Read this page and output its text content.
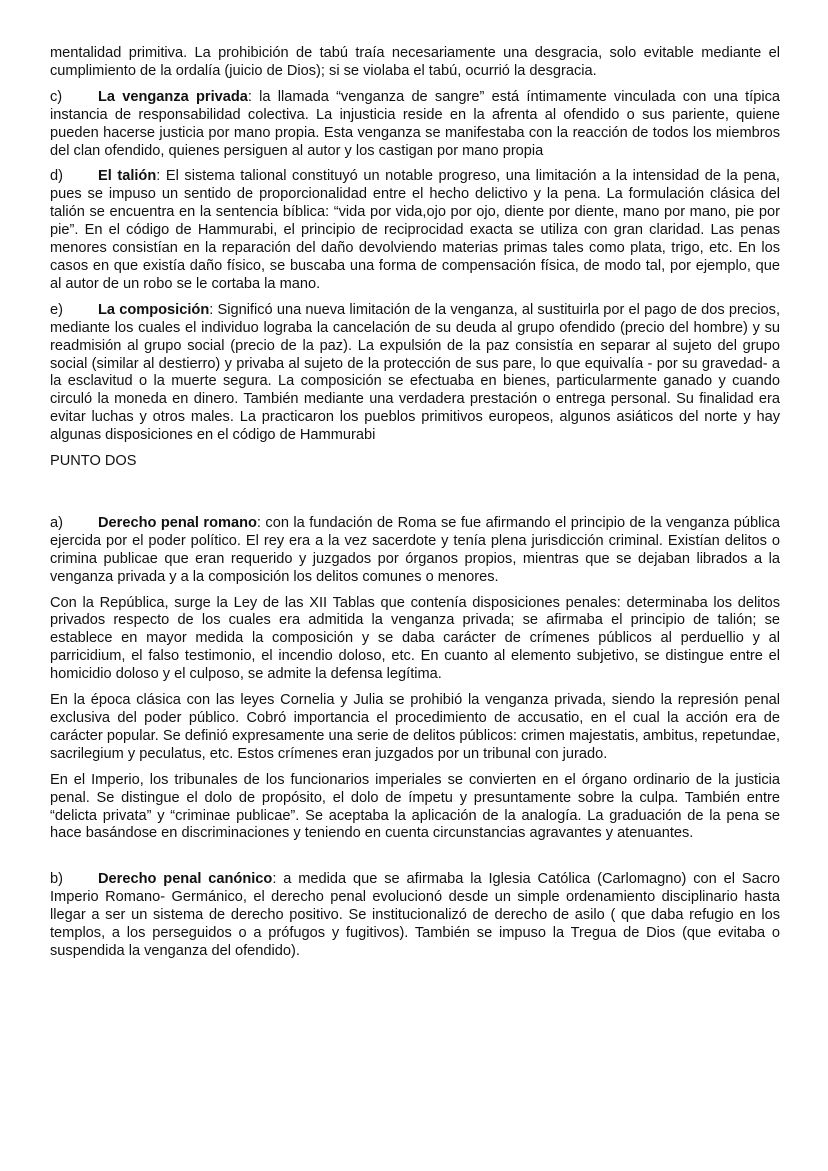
mentalidad primitiva. La prohibición de tabú traía necesariamente una desgracia, solo evitable mediante el cumplimiento de la ordalía (juicio de Dios); si se violaba el tabú, ocurrió la desgracia.

c) La venganza privada: la llamada “venganza de sangre” está íntimamente vinculada con una típica instancia de responsabilidad colectiva. La injusticia reside en la afrenta al ofendido o sus pariente, quiene pueden hacerse justicia por mano propia. Esta venganza se manifestaba con la reacción de todos los miembros del clan ofendido, quienes persiguen al autor y los castigan por mano propia

d) El talión: El sistema talional constituyó un notable progreso, una limitación a la intensidad de la pena, pues se impuso un sentido de proporcionalidad entre el hecho delictivo y la pena. La formulación clásica del talión se encuentra en la sentencia bíblica: “vida por vida,ojo por ojo, diente por diente, mano por mano, pie por pie”. En el código de Hammurabi, el principio de reciprocidad exacta se utiliza con gran claridad. Las penas menores consistían en la reparación del daño devolviendo materias primas tales como plata, trigo, etc. En los casos en que existía daño físico, se buscaba una forma de compensación física, de modo tal, por ejemplo, que al autor de un robo se le cortaba la mano.

e) La composición: Significó una nueva limitación de la venganza, al sustituirla por el pago de dos precios, mediante los cuales el individuo lograba la cancelación de su deuda al grupo ofendido (precio del hombre) y su readmisión al grupo social (precio de la paz). La expulsión de la paz consistía en separar al sujeto del grupo social (similar al destierro) y privaba al sujeto de la protección de sus pare, lo que equivalía - por su gravedad- a la esclavitud o la muerte segura. La composición se efectuaba en bienes, particularmente ganado y cuando circuló la moneda en dinero. También mediante una verdadera prestación o entrega personal. Su finalidad era evitar luchas y otros males. La practicaron los pueblos primitivos europeos, algunos asiáticos del norte y hay algunas disposiciones en el código de Hammurabi

PUNTO DOS

a) Derecho penal romano: con la fundación de Roma se fue afirmando el principio de la venganza pública ejercida por el poder político. El rey era a la vez sacerdote y tenía plena jurisdicción criminal. Existían delitos o crimina publicae que eran requerido y juzgados por órganos propios, mientras que se dejaban librados a la venganza privada y a la composición los delitos comunes o menores.

Con la República, surge la Ley de las XII Tablas que contenía disposiciones penales: determinaba los delitos privados respecto de los cuales era admitida la venganza privada; se afirmaba el principio de talión; se establece en mayor medida la composición y se daba carácter de crímenes públicos al perduellio y al parricidium, el falso testimonio, el incendio doloso, etc. En cuanto al elemento subjetivo, se distingue entre el homicidio doloso y el culposo, se admite la defensa legítima.

En la época clásica con las leyes Cornelia y Julia se prohibió la venganza privada, siendo la represión penal exclusiva del poder público. Cobró importancia el procedimiento de accusatio, en el cual la acción era de carácter popular. Se definió expresamente una serie de delitos públicos: crimen majestatis, ambitus, repetundae, sacrilegium y peculatus, etc. Estos crímenes eran juzgados por un tribunal con jurado.

En el Imperio, los tribunales de los funcionarios imperiales se convierten en el órgano ordinario de la justicia penal. Se distingue el dolo de propósito, el dolo de ímpetu y presuntamente sobre la culpa. También entre “delicta privata” y “criminae publicae”. Se aceptaba la aplicación de la analogía. La graduación de la pena se hace basándose en discriminaciones y teniendo en cuenta circunstancias agravantes y atenuantes.

b) Derecho penal canónico: a medida que se afirmaba la Iglesia Católica (Carlomagno) con el Sacro Imperio Romano- Germánico, el derecho penal evolucionó desde un simple ordenamiento disciplinario hasta llegar a ser un sistema de derecho positivo. Se institucionalizó de derecho de asilo ( que daba refugio en los templos, a los perseguidos o a prófugos y fugitivos). También se impuso la Tregua de Dios (que evitaba o suspendida la venganza del ofendido).
